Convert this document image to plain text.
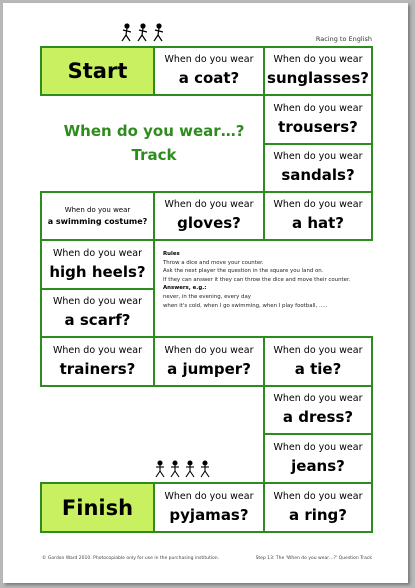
Racing to English
Start	When do you wear
a coat?
When do you wear
sunglasses?
When do you wear
trousers?
When do you wear
sandals?
When do you wear…?
Track
When do you wear
a swimming costume?
When do you wear
gloves?
When do you wear
a hat?
When do you wear
high heels?
When do you wear
a scarf?
Rules
Throw a dice and move your counter.
Ask the next player the question in the square you land on.
If they can answer it they can throw the dice and move their counter.
Answers, e.g.:
never, in the evening, every day
when it's cold, when I go swimming, when I play football, .....
When do you wear
trainers?
When do you wear
a jumper?
When do you wear
a tie?
When do you wear
a dress?
When do you wear
jeans?
Finish	When do you wear
pyjamas?
When do you wear
a ring?
© Gordon Ward 2010. Photocopiable only for use in the purchasing institution.	Step 13: The 'When do you wear…?' Question Track
